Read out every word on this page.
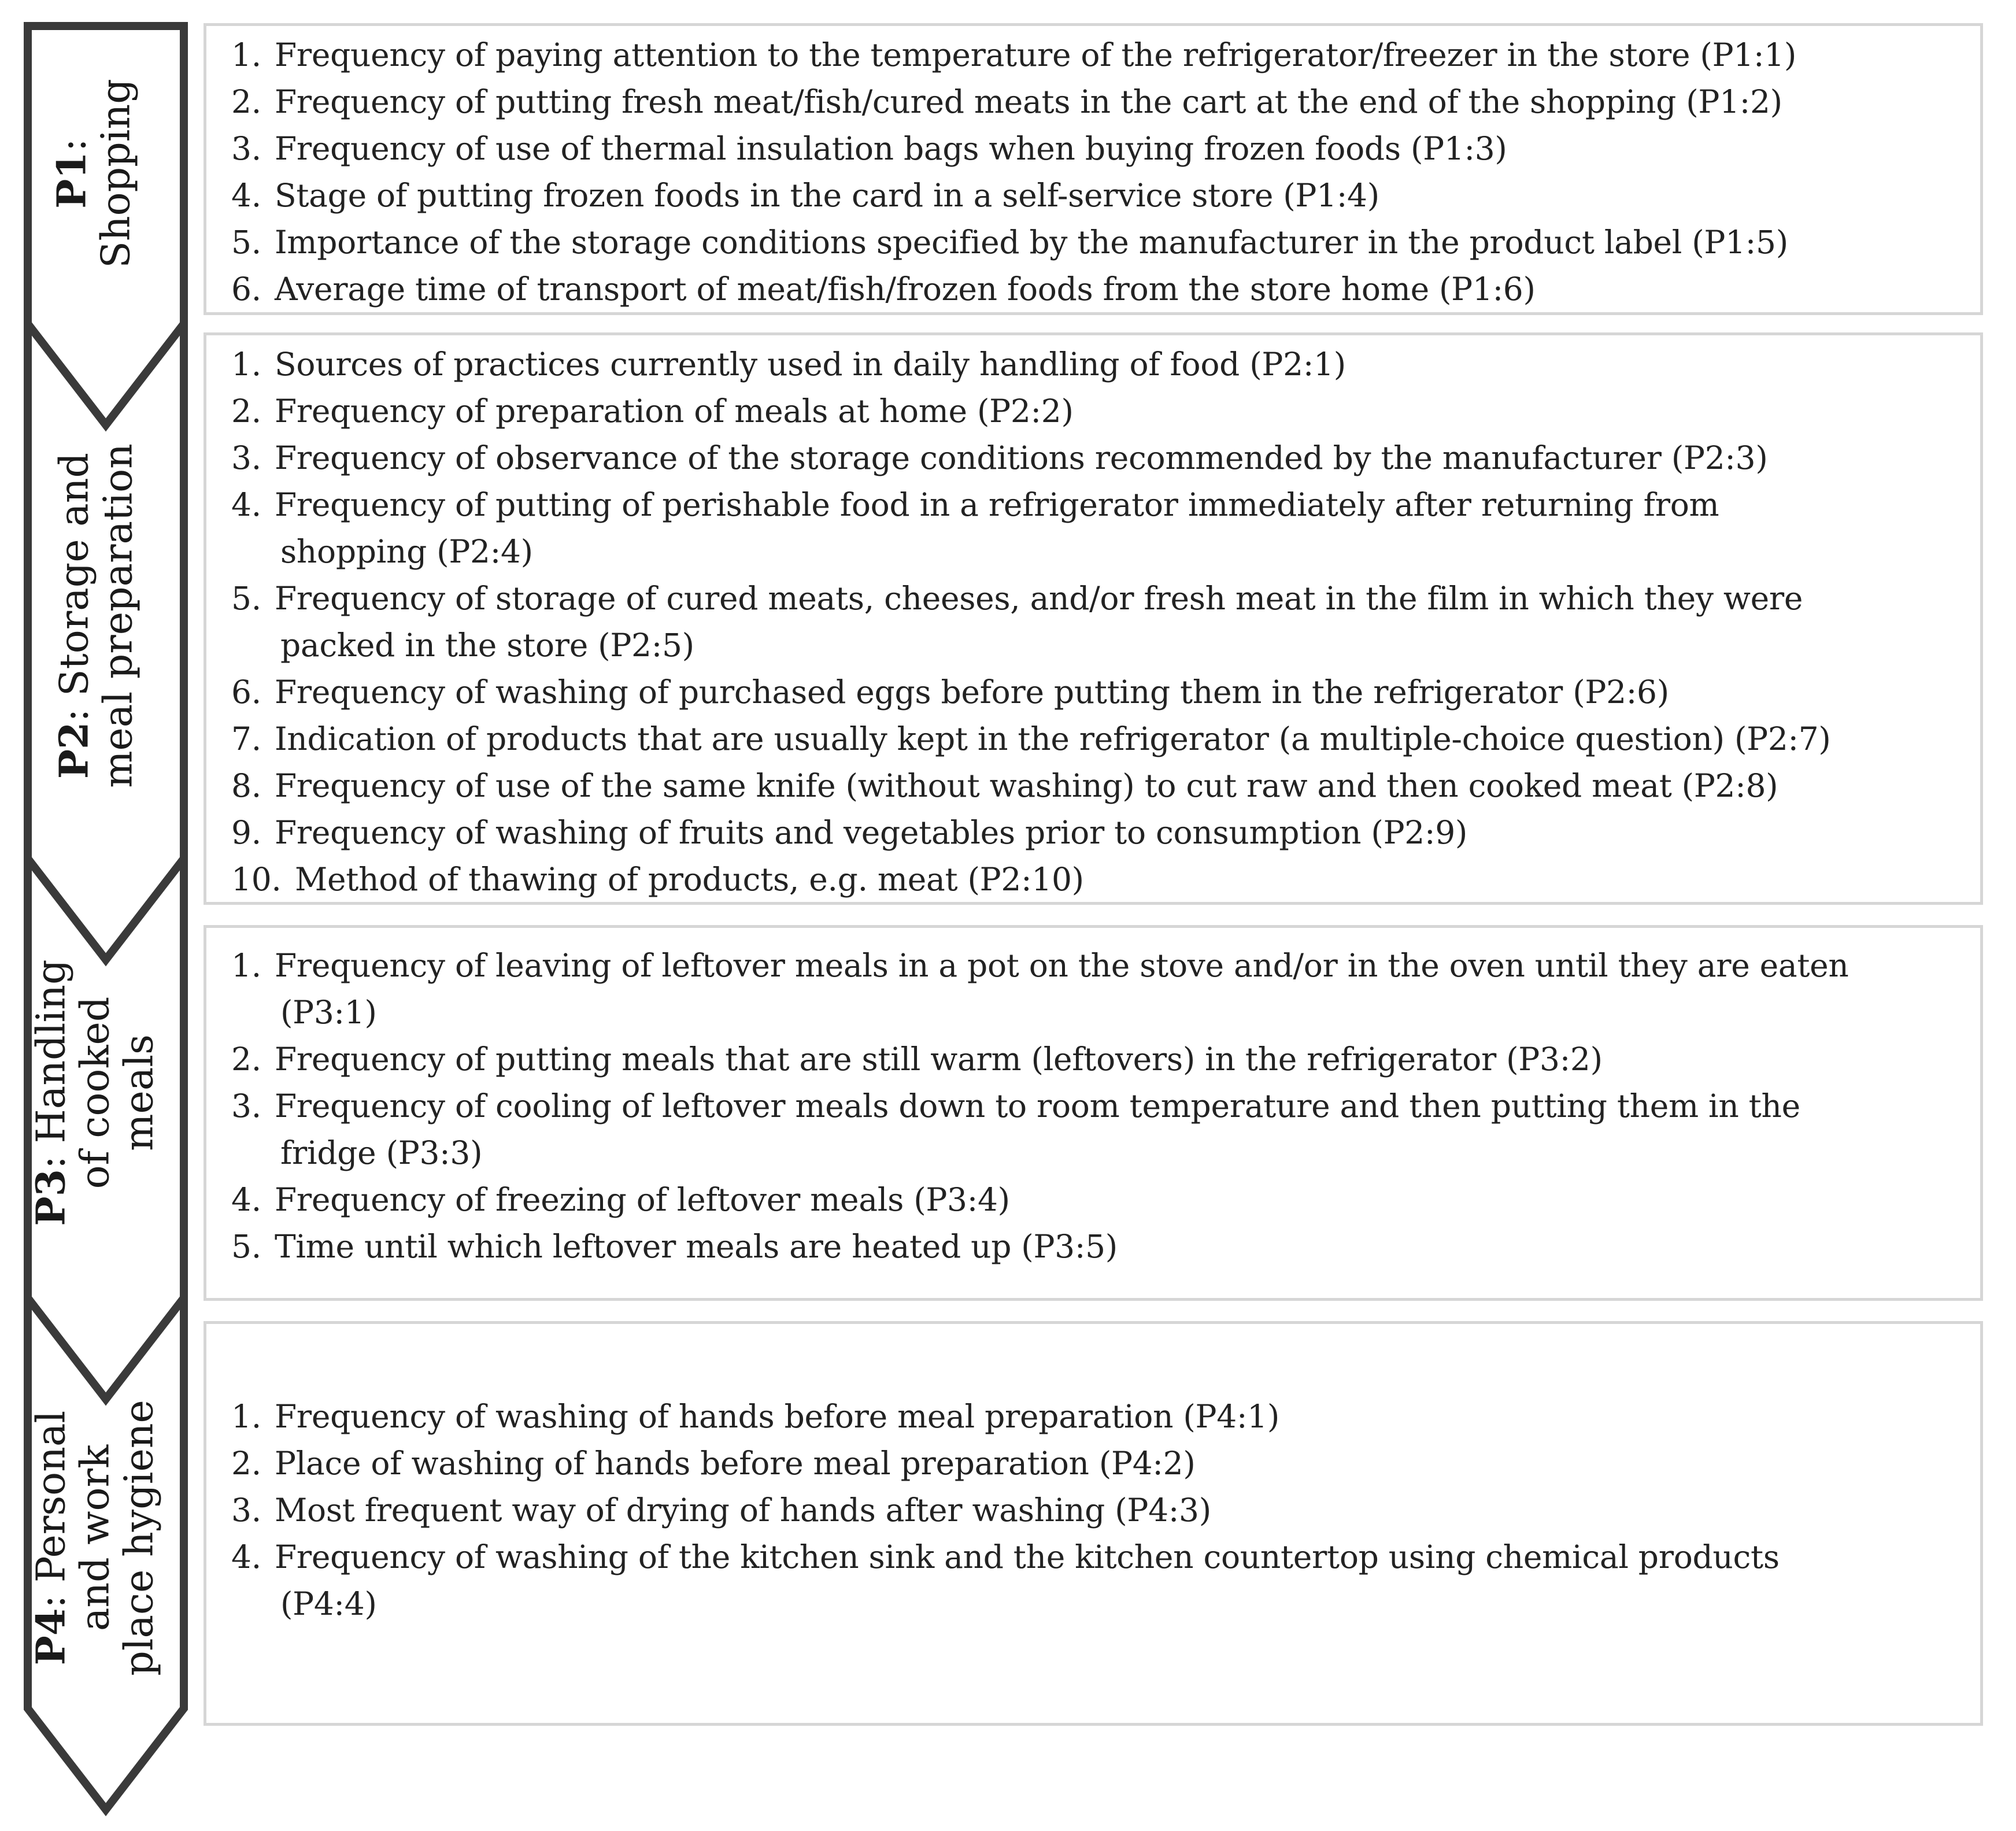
P1:
Shopping
P2: Storage and
meal preparation
P3: Handling
of cooked
meals
P4: Personal
and work
place hygiene
1. Frequency of paying attention to the temperature of the refrigerator/freezer in the store (P1:1)
2. Frequency of putting fresh meat/fish/cured meats in the cart at the end of the shopping (P1:2)
3. Frequency of use of thermal insulation bags when buying frozen foods (P1:3)
4. Stage of putting frozen foods in the card in a self-service store (P1:4)
5. Importance of the storage conditions specified by the manufacturer in the product label (P1:5)
6. Average time of transport of meat/fish/frozen foods from the store home (P1:6)
1. Sources of practices currently used in daily handling of food (P2:1)
2. Frequency of preparation of meals at home (P2:2)
3. Frequency of observance of the storage conditions recommended by the manufacturer (P2:3)
4. Frequency of putting of perishable food in a refrigerator immediately after returning from
shopping (P2:4)
5. Frequency of storage of cured meats, cheeses, and/or fresh meat in the film in which they were
packed in the store (P2:5)
6. Frequency of washing of purchased eggs before putting them in the refrigerator (P2:6)
7. Indication of products that are usually kept in the refrigerator (a multiple-choice question) (P2:7)
8. Frequency of use of the same knife (without washing) to cut raw and then cooked meat (P2:8)
9. Frequency of washing of fruits and vegetables prior to consumption (P2:9)
10. Method of thawing of products, e.g. meat (P2:10)
1. Frequency of leaving of leftover meals in a pot on the stove and/or in the oven until they are eaten
(P3:1)
2. Frequency of putting meals that are still warm (leftovers) in the refrigerator (P3:2)
3. Frequency of cooling of leftover meals down to room temperature and then putting them in the
fridge (P3:3)
4. Frequency of freezing of leftover meals (P3:4)
5. Time until which leftover meals are heated up (P3:5)
1. Frequency of washing of hands before meal preparation (P4:1)
2. Place of washing of hands before meal preparation (P4:2)
3. Most frequent way of drying of hands after washing (P4:3)
4. Frequency of washing of the kitchen sink and the kitchen countertop using chemical products
(P4:4)
